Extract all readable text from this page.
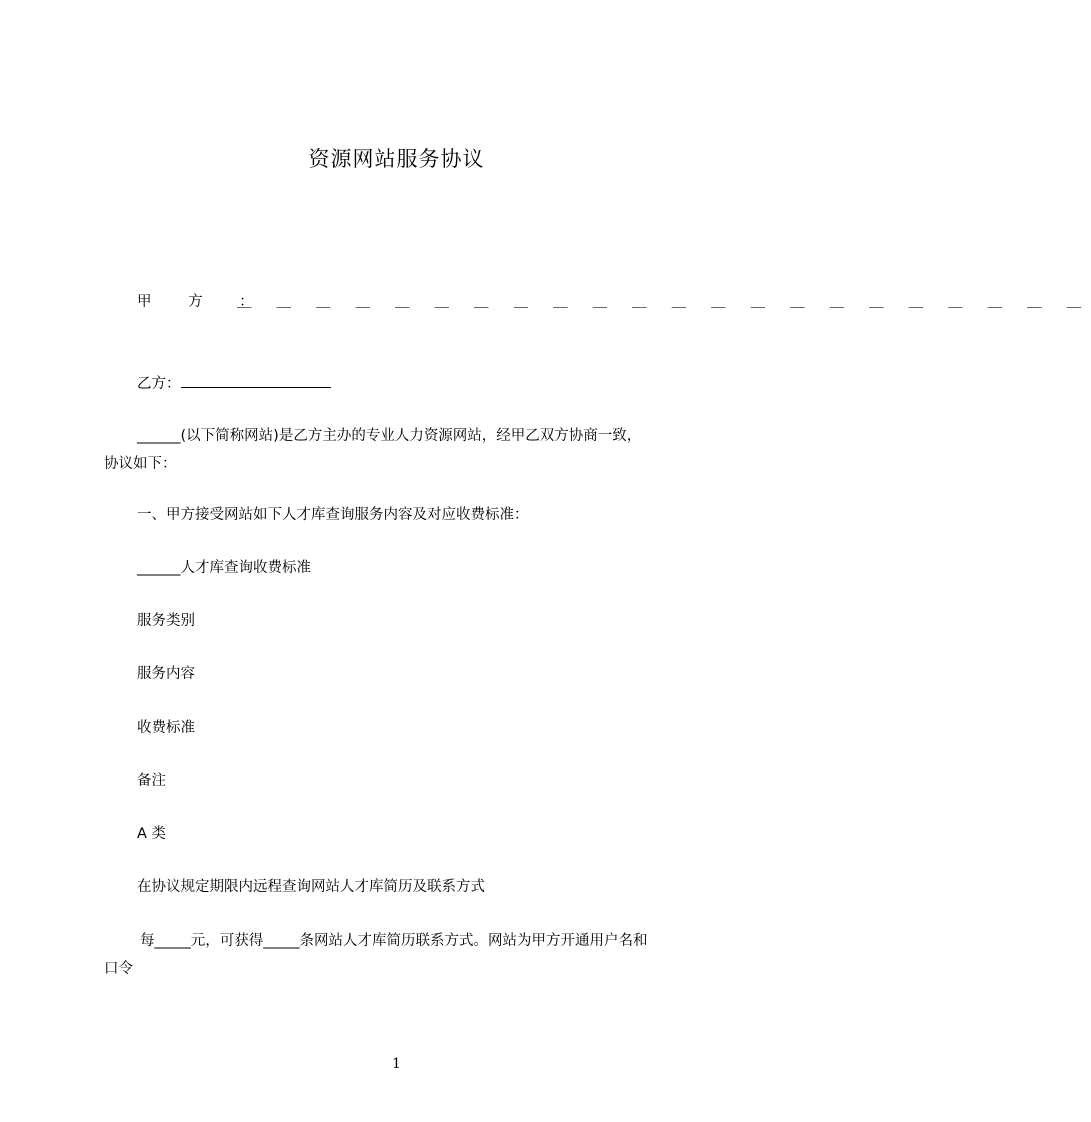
资源网站服务协议
甲 方 ：
＿ ＿ ＿ ＿ ＿ ＿ ＿ ＿ ＿ ＿ ＿ ＿ ＿ ＿ ＿ ＿ ＿ ＿ ＿ ＿ ＿ ＿
乙方：
______(以下简称网站)是乙方主办的专业人力资源网站，经甲乙双方协商一致，
协议如下：
一、甲方接受网站如下人才库查询服务内容及对应收费标准：
______人才库查询收费标准
服务类别
服务内容
收费标准
备注
A 类
在协议规定期限内远程查询网站人才库简历及联系方式
每_____元，可获得_____条网站人才库简历联系方式。网站为甲方开通用户名和
口令
1
